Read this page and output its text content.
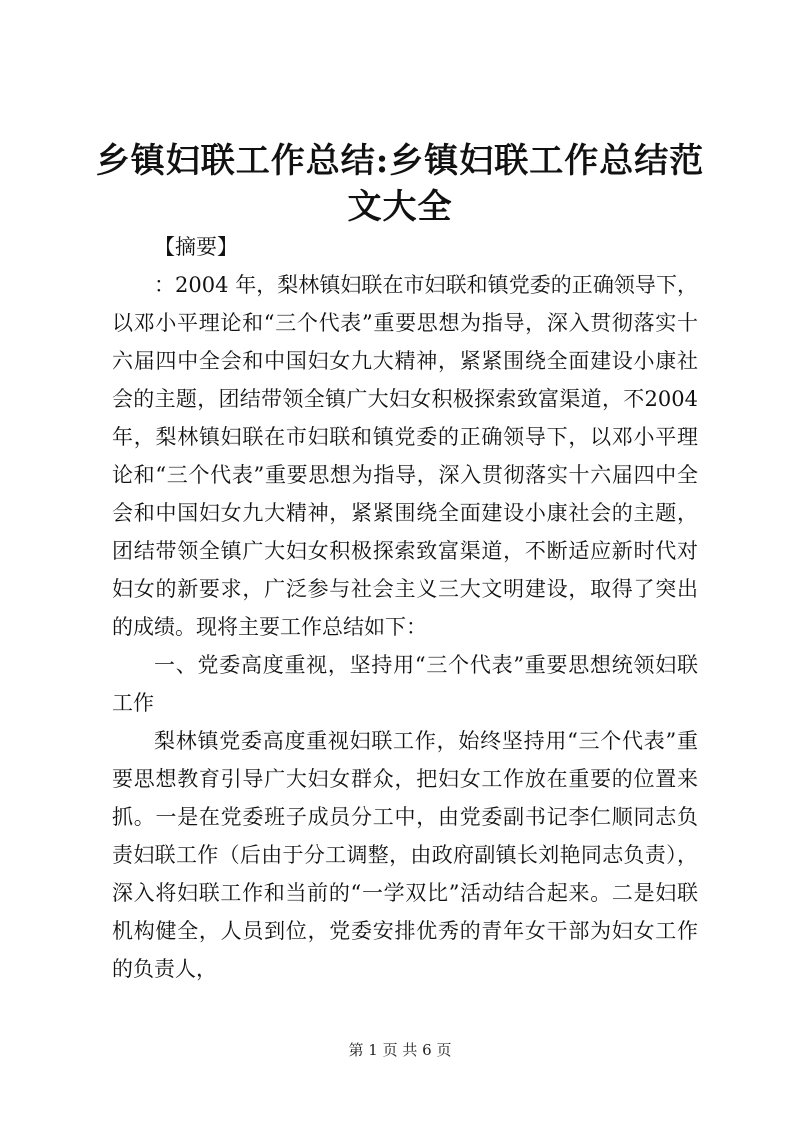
乡镇妇联工作总结:乡镇妇联工作总结范文大全

【摘要】

：2004 年，梨林镇妇联在市妇联和镇党委的正确领导下，以邓小平理论和“三个代表”重要思想为指导，深入贯彻落实十六届四中全会和中国妇女九大精神，紧紧围绕全面建设小康社会的主题，团结带领全镇广大妇女积极探索致富渠道，不2004 年，梨林镇妇联在市妇联和镇党委的正确领导下，以邓小平理论和“三个代表”重要思想为指导，深入贯彻落实十六届四中全会和中国妇女九大精神，紧紧围绕全面建设小康社会的主题，团结带领全镇广大妇女积极探索致富渠道，不断适应新时代对妇女的新要求，广泛参与社会主义三大文明建设，取得了突出的成绩。现将主要工作总结如下：

一、党委高度重视，坚持用“三个代表”重要思想统领妇联工作

梨林镇党委高度重视妇联工作，始终坚持用“三个代表”重要思想教育引导广大妇女群众，把妇女工作放在重要的位置来抓。一是在党委班子成员分工中，由党委副书记李仁顺同志负责妇联工作（后由于分工调整，由政府副镇长刘艳同志负责），深入将妇联工作和当前的“一学双比”活动结合起来。二是妇联机构健全，人员到位，党委安排优秀的青年女干部为妇女工作的负责人，

第 1 页 共 6 页
